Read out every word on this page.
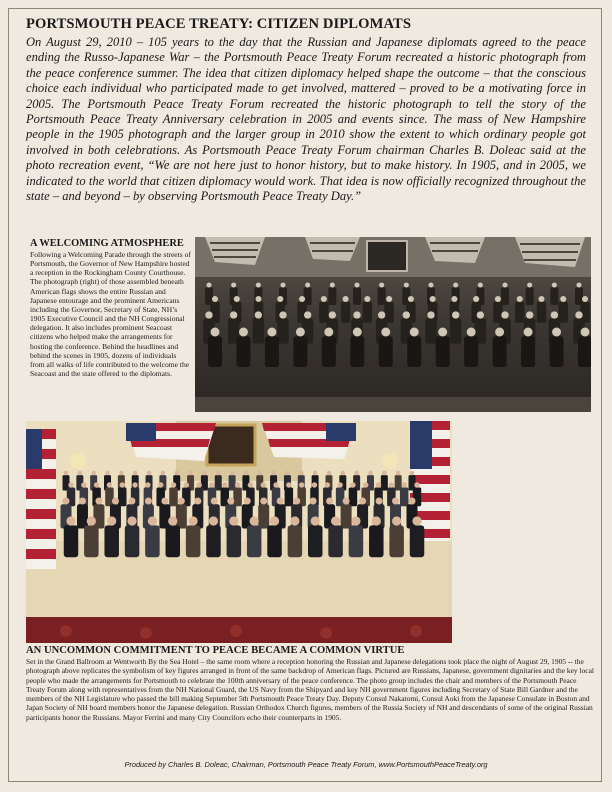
PORTSMOUTH PEACE TREATY: CITIZEN DIPLOMATS
On August 29, 2010 – 105 years to the day that the Russian and Japanese diplomats agreed to the peace ending the Russo-Japanese War – the Portsmouth Peace Treaty Forum recreated a historic photograph from the peace conference summer. The idea that citizen diplomacy helped shape the outcome – that the conscious choice each individual who participated made to get involved, mattered – proved to be a motivating force in 2005. The Portsmouth Peace Treaty Forum recreated the historic photograph to tell the story of the Portsmouth Peace Treaty Anniversary celebration in 2005 and events since. The mass of New Hampshire people in the 1905 photograph and the larger group in 2010 show the extent to which ordinary people got involved in both celebrations. As Portsmouth Peace Treaty Forum chairman Charles B. Doleac said at the photo recreation event, “We are not here just to honor history, but to make history. In 1905, and in 2005, we indicated to the world that citizen diplomacy would work. That idea is now officially recognized throughout the state – and beyond – by observing Portsmouth Peace Treaty Day.”
A WELCOMING ATMOSPHERE
Following a Welcoming Parade through the streets of Portsmouth, the Governor of New Hampshire hosted a reception in the Rockingham County Courthouse. The photograph (right) of those assembled beneath American flags shows the entire Russian and Japanese entourage and the prominent Americans including the Governor, Secretary of State, NH’s 1905 Executive Council and the NH Congressional delegation. It also includes prominent Seacoast citizens who helped make the arrangements for hosting the conference. Behind the headlines and behind the scenes in 1905, dozens of individuals from all walks of life contributed to the welcome the Seacoast and the state offered to the diplomats.
AN UNCOMMON COMMITMENT TO PEACE BECAME A COMMON VIRTUE
Set in the Grand Ballroom at Wentworth By the Sea Hotel – the same room where a reception honoring the Russian and Japanese delegations took place the night of August 29, 1905 -- the photograph above replicates the symbolism of key figures arranged in front of the same backdrop of American flags. Pictured are Russians, Japanese, government dignitaries and the key local people who made the arrangements for Portsmouth to celebrate the 100th anniversary of the peace conference. The photo group includes the chair and members of the Portsmouth Peace Treaty Forum along with representatives from the NH National Guard, the US Navy from the Shipyard and key NH government figures including Secretary of State Bill Gardner and the members of the NH Legislature who passed the bill making September 5th Portsmouth Peace Treaty Day. Deputy Consul Nakatomi, Consul Aoki from the Japanese Consulate in Boston and Japan Society of NH board members honor the Japanese delegation. Russian Orthodox Church figures, members of the Russia Society of NH and descendants of some of the original Russian participants honor the Russians. Mayor Ferrini and many City Councilors echo their counterparts in 1905.
Produced by Charles B. Doleac, Chairman, Portsmouth Peace Treaty Forum, www.PortsmouthPeaceTreaty.org
